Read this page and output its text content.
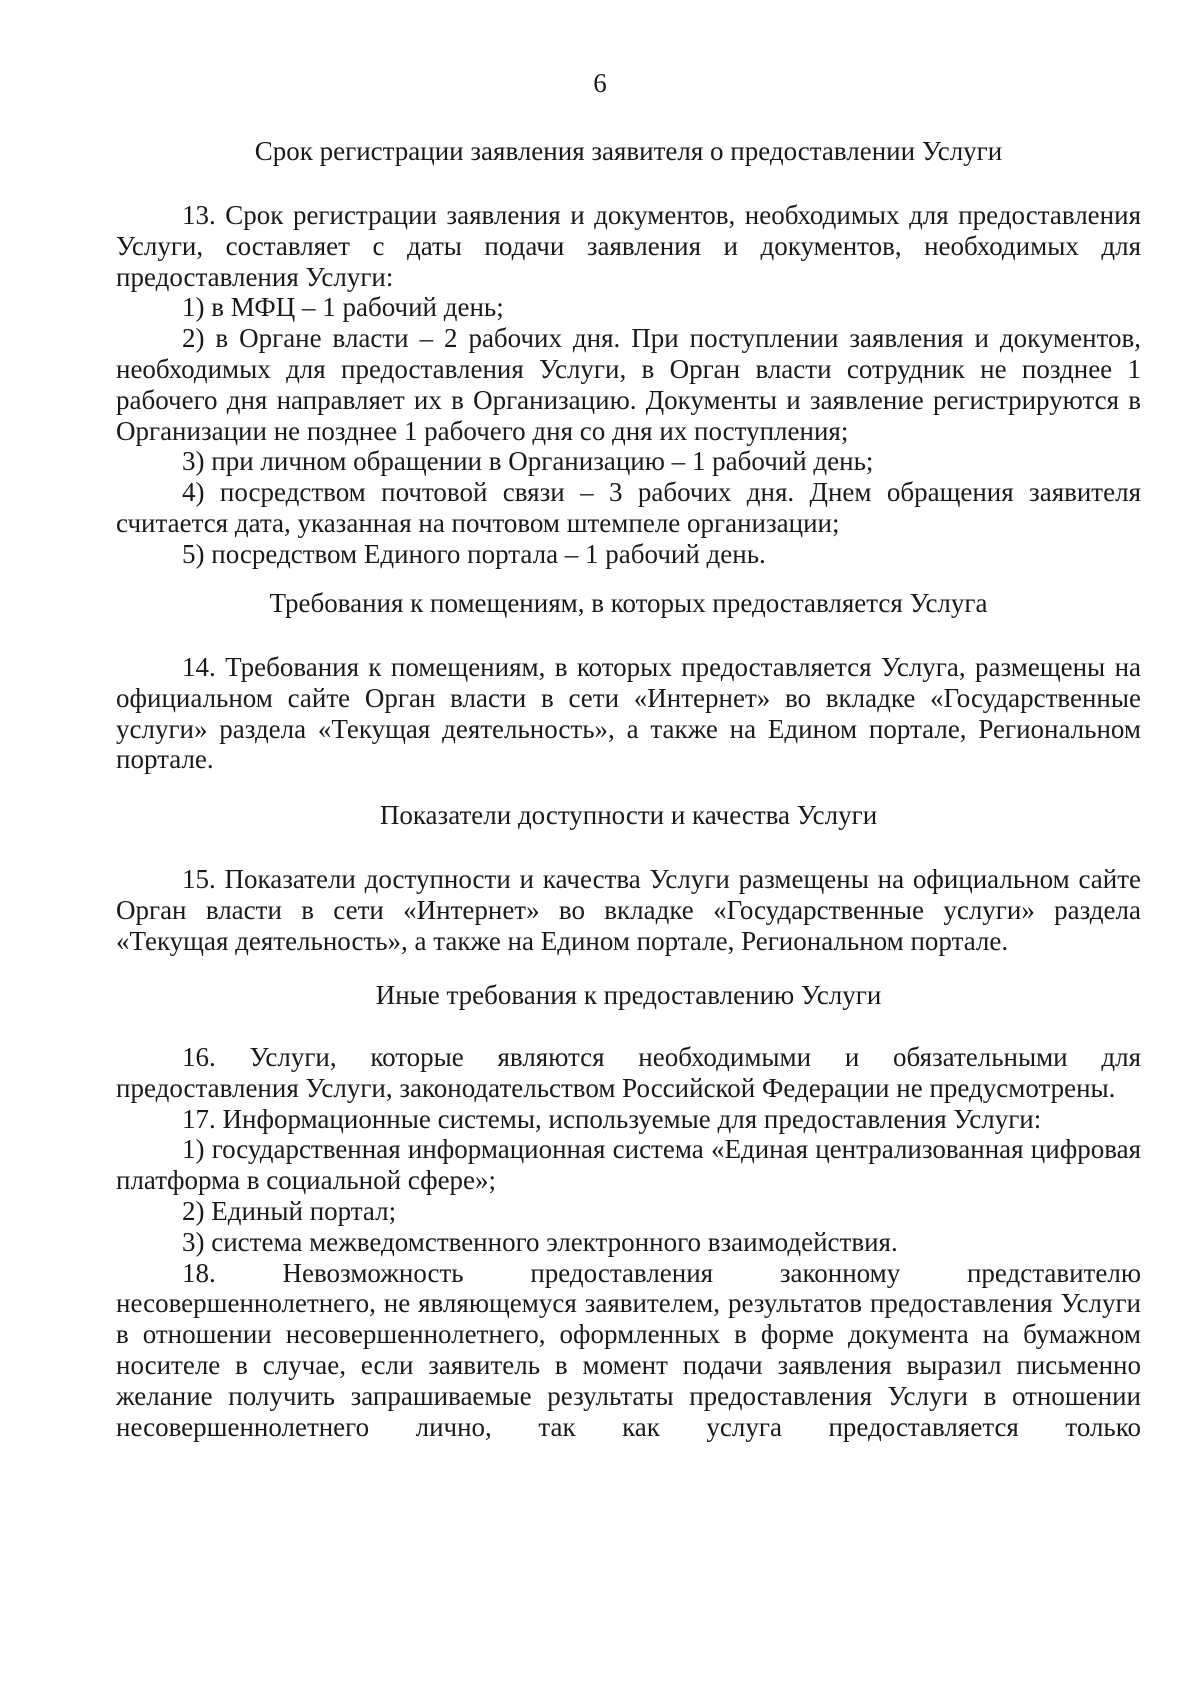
6
Срок регистрации заявления заявителя о предоставлении Услуги

13. Срок регистрации заявления и документов, необходимых для предоставления Услуги, составляет с даты подачи заявления и документов, необходимых для предоставления Услуги:

1) в МФЦ – 1 рабочий день;

2) в Органе власти – 2 рабочих дня. При поступлении заявления и документов, необходимых для предоставления Услуги, в Орган власти сотрудник не позднее 1 рабочего дня направляет их в Организацию. Документы и заявление регистрируются в Организации не позднее 1 рабочего дня со дня их поступления;

3) при личном обращении в Организацию – 1 рабочий день;

4) посредством почтовой связи – 3 рабочих дня. Днем обращения заявителя считается дата, указанная на почтовом штемпеле организации;

5) посредством Единого портала – 1 рабочий день.

Требования к помещениям, в которых предоставляется Услуга

14. Требования к помещениям, в которых предоставляется Услуга, размещены на официальном сайте Орган власти в сети «Интернет» во вкладке «Государственные услуги» раздела «Текущая деятельность», а также на Едином портале, Региональном портале.

Показатели доступности и качества Услуги

15. Показатели доступности и качества Услуги размещены на официальном сайте Орган власти в сети «Интернет» во вкладке «Государственные услуги» раздела «Текущая деятельность», а также на Едином портале, Региональном портале.

Иные требования к предоставлению Услуги

16. Услуги, которые являются необходимыми и обязательными для предоставления Услуги, законодательством Российской Федерации не предусмотрены.

17. Информационные системы, используемые для предоставления Услуги:

1) государственная информационная система «Единая централизованная цифровая платформа в социальной сфере»;

2) Единый портал;

3) система межведомственного электронного взаимодействия.

18. Невозможность предоставления законному представителю несовершеннолетнего, не являющемуся заявителем, результатов предоставления Услуги в отношении несовершеннолетнего, оформленных в форме документа на бумажном носителе в случае, если заявитель в момент подачи заявления выразил письменно желание получить запрашиваемые результаты предоставления Услуги в отношении несовершеннолетнего лично, так как услуга предоставляется только
